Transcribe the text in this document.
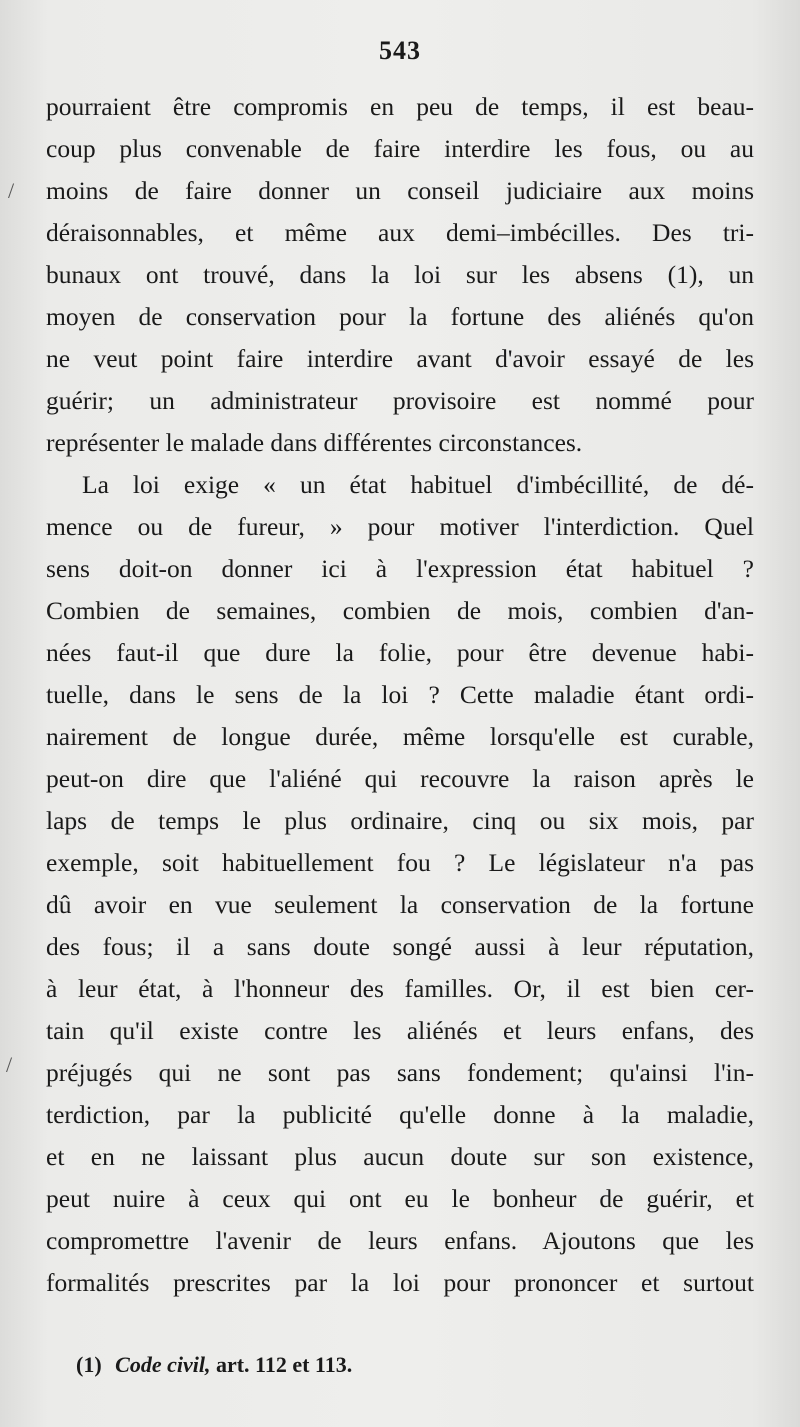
543
pourraient être compromis en peu de temps, il est beau-
coup plus convenable de faire interdire les fous, ou au
moins de faire donner un conseil judiciaire aux moins
déraisonnables, et même aux demi–imbécilles. Des tri-
bunaux ont trouvé, dans la loi sur les absens (1), un
moyen de conservation pour la fortune des aliénés qu'on
ne veut point faire interdire avant d'avoir essayé de les
guérir; un administrateur provisoire est nommé pour
représenter le malade dans différentes circonstances.
La loi exige « un état habituel d'imbécillité, de dé-
mence ou de fureur, » pour motiver l'interdiction. Quel
sens doit-on donner ici à l'expression état habituel ?
Combien de semaines, combien de mois, combien d'an-
nées faut-il que dure la folie, pour être devenue habi-
tuelle, dans le sens de la loi ? Cette maladie étant ordi-
nairement de longue durée, même lorsqu'elle est curable,
peut-on dire que l'aliéné qui recouvre la raison après le
laps de temps le plus ordinaire, cinq ou six mois, par
exemple, soit habituellement fou ? Le législateur n'a pas
dû avoir en vue seulement la conservation de la fortune
des fous; il a sans doute songé aussi à leur réputation,
à leur état, à l'honneur des familles. Or, il est bien cer-
tain qu'il existe contre les aliénés et leurs enfans, des
préjugés qui ne sont pas sans fondement; qu'ainsi l'in-
terdiction, par la publicité qu'elle donne à la maladie,
et en ne laissant plus aucun doute sur son existence,
peut nuire à ceux qui ont eu le bonheur de guérir, et
compromettre l'avenir de leurs enfans. Ajoutons que les
formalités prescrites par la loi pour prononcer et surtout
/
/
(1) Code civil, art. 112 et 113.
